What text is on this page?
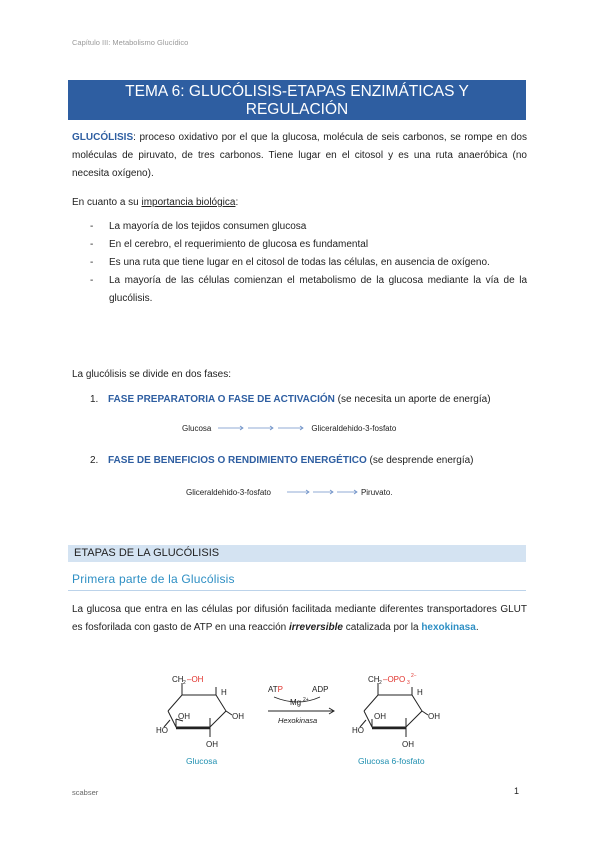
Capítulo III: Metabolismo Glucídico
TEMA 6: GLUCÓLISIS-ETAPAS ENZIMÁTICAS Y
REGULACIÓN
GLUCÓLISIS: proceso oxidativo por el que la glucosa, molécula de seis carbonos, se rompe en dos moléculas de piruvato, de tres carbonos. Tiene lugar en el citosol y es una ruta anaeróbica (no necesita oxígeno).
En cuanto a su importancia biológica:
- La mayoría de los tejidos consumen glucosa
- En el cerebro, el requerimiento de glucosa es fundamental
- Es una ruta que tiene lugar en el citosol de todas las células, en ausencia de oxígeno.
- La mayoría de las células comienzan el metabolismo de la glucosa mediante la vía de la glucólisis.
La glucólisis se divide en dos fases:
1. FASE PREPARATORIA O FASE DE ACTIVACIÓN (se necesita un aporte de energía)
Glucosa	Gliceraldehido-3-fosfato
2. FASE DE BENEFICIOS O RENDIMIENTO ENERGÉTICO (se desprende energía)
Gliceraldehido-3-fosfato	Piruvato.
ETAPAS DE LA GLUCÓLISIS
Primera parte de la Glucólisis
La glucosa que entra en las células por difusión facilitada mediante diferentes transportadores GLUT es fosforilada con gasto de ATP en una reacción irreversible catalizada por la hexokinasa.
CH 2 –OH
H
OH
OH
HO
OH
Glucosa
ATP	ADP
Mg 2+
Hexokinasa
CH 2 –OPO 3
2−
H
OH
OH
HO
OH
Glucosa 6-fosfato
scabser	1
